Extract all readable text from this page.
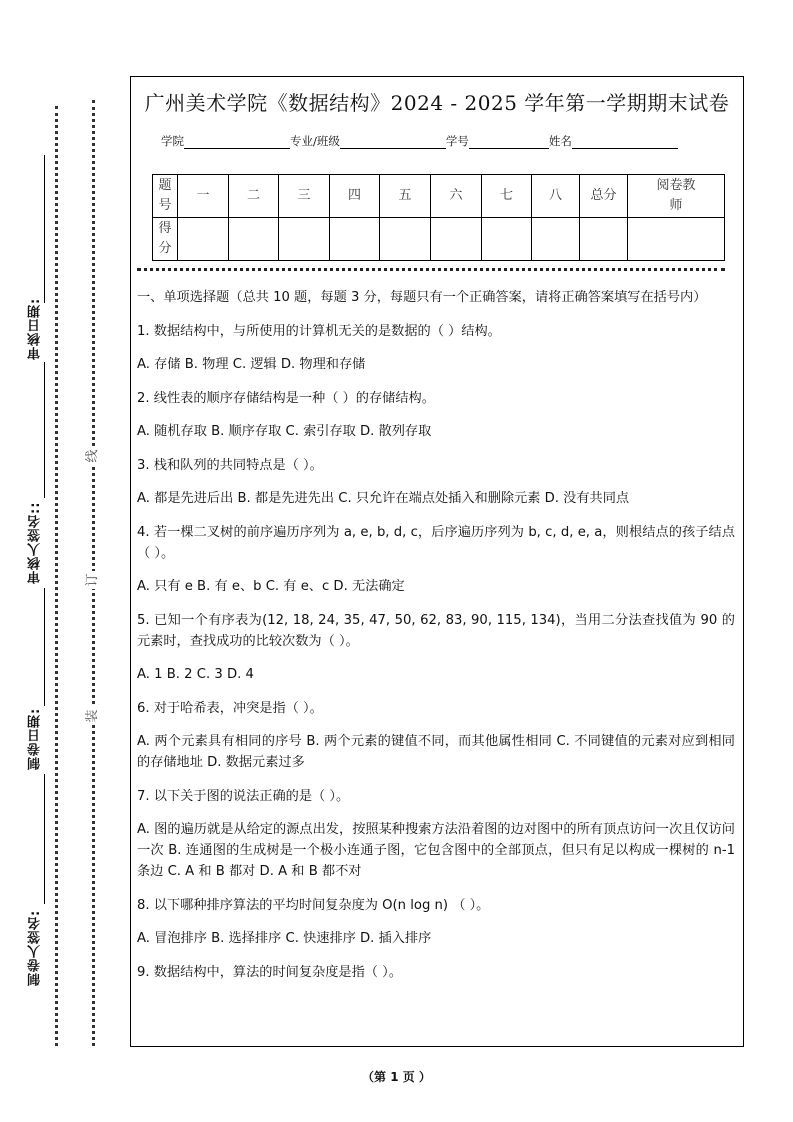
线
订
装
审核日期:
审核人签名::
制卷日期:
制卷人签名:
广州美术学院《数据结构》2024 - 2025 学年第一学期期末试卷
学院	专业/班级	学号	姓名
题号	一	二	三	四	五	六	七	八	总分	阅卷教师
得分										

一、单项选择题（总共 10 题，每题 3 分，每题只有一个正确答案，请将正确答案填写在括号内）

1. 数据结构中，与所使用的计算机无关的是数据的（ ）结构。

A. 存储 B. 物理 C. 逻辑 D. 物理和存储

2. 线性表的顺序存储结构是一种（ ）的存储结构。

A. 随机存取 B. 顺序存取 C. 索引存取 D. 散列存取

3. 栈和队列的共同特点是（ ）。

A. 都是先进后出 B. 都是先进先出 C. 只允许在端点处插入和删除元素 D. 没有共同点

4. 若一棵二叉树的前序遍历序列为 a, e, b, d, c，后序遍历序列为 b, c, d, e, a，则根结点的孩子结点（ ）。

A. 只有 e B. 有 e、b C. 有 e、c D. 无法确定

5. 已知一个有序表为(12, 18, 24, 35, 47, 50, 62, 83, 90, 115, 134)，当用二分法查找值为 90 的元素时，查找成功的比较次数为（ ）。

A. 1 B. 2 C. 3 D. 4

6. 对于哈希表，冲突是指（ ）。

A. 两个元素具有相同的序号 B. 两个元素的键值不同，而其他属性相同 C. 不同键值的元素对应到相同的存储地址 D. 数据元素过多

7. 以下关于图的说法正确的是（ ）。

A. 图的遍历就是从给定的源点出发，按照某种搜索方法沿着图的边对图中的所有顶点访问一次且仅访问一次 B. 连通图的生成树是一个极小连通子图，它包含图中的全部顶点，但只有足以构成一棵树的 n-1 条边 C. A 和 B 都对 D. A 和 B 都不对

8. 以下哪种排序算法的平均时间复杂度为 O(n log n) （ ）。

A. 冒泡排序 B. 选择排序 C. 快速排序 D. 插入排序

9. 数据结构中，算法的时间复杂度是指（ ）。

（第 1 页 ）
